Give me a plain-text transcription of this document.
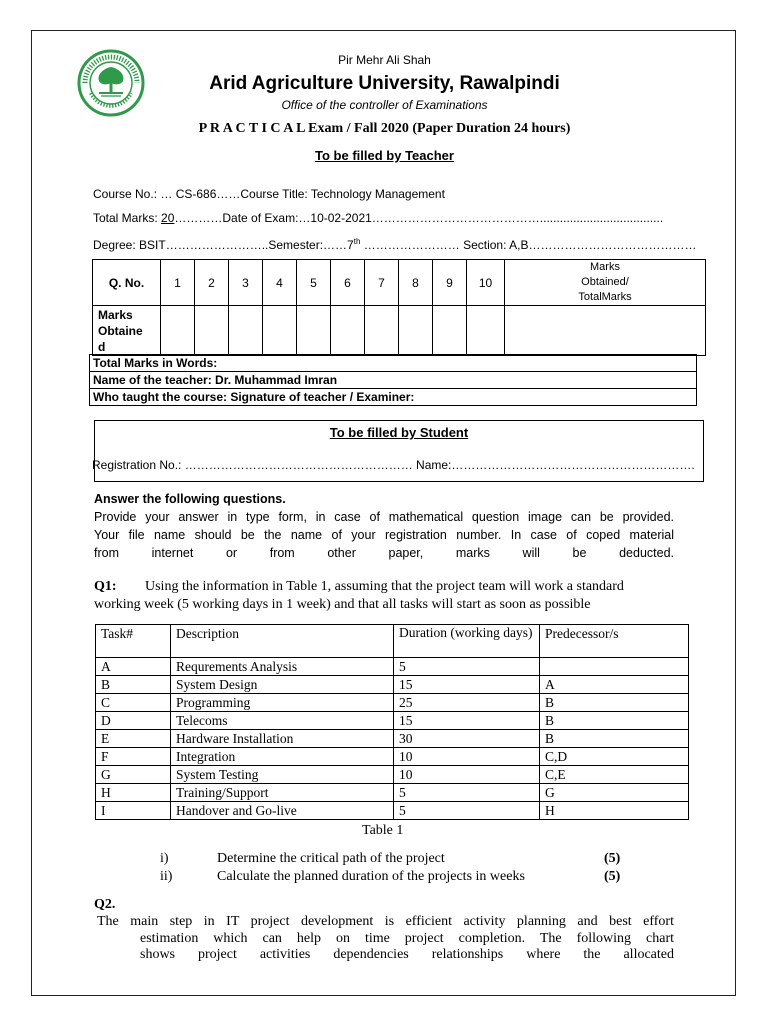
Pir Mehr Ali Shah
Arid Agriculture University, Rawalpindi
Office of the controller of Examinations
P R A C T I C A L Exam / Fall 2020 (Paper Duration 24 hours)
To be filled by Teacher
Course No.: … CS-686……Course Title: Technology Management
Total Marks: 20…………Date of Exam:…10-02-2021…………………………………….....................................
Degree: BSIT……………………..Semester:……7th …………………… Section: A,B……………………………………
Q. No.	1	2	3	4	5	6	7	8	9	10	Marks
Obtained/
TotalMarks

Marks
Obtaine
d											

Total Marks in Words:
Name of the teacher: Dr. Muhammad Imran
Who taught the course: Signature of teacher / Examiner:
To be filled by Student
Registration No.: ………………………………………………… Name:…………………………………………………….
Answer the following questions.
Provide your answer in type form, in case of mathematical question image can be provided.
Your file name should be the name of your registration number. In case of coped material
from internet or from other paper, marks will be deducted.
Q1: Using the information in Table 1, assuming that the project team will work a standard
working week (5 working days in 1 week) and that all tasks will start as soon as possible
Task#	Description	Duration (working days)	Predecessor/s
A	Requrements Analysis	5	
B	System Design	15	A
C	Programming	25	B
D	Telecoms	15	B
E	Hardware Installation	30	B
F	Integration	10	C,D
G	System Testing	10	C,E
H	Training/Support	5	G
I	Handover and Go-live	5	H
Table 1
i)	Determine the critical path of the project	(5)
ii)	Calculate the planned duration of the projects in weeks	(5)
Q2.
The main step in IT project development is efficient activity planning and best effort
estimation which can help on time project completion. The following chart
shows project activities dependencies relationships where the allocated
